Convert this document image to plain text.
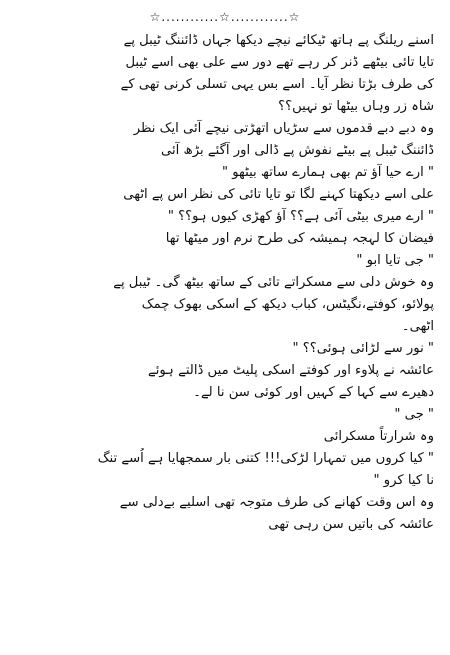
☆............☆............☆
اسنے ریلنگ پے ہاتھ ٹیکائے نیچے دیکھا جہاں ڈائننگ ٹیبل پے
تایا تائی بیٹھے ڈنر کر رہے تھے دور سے علی بھی اسے ٹیبل
کی طرف بڑتا نظر آیا۔ اسے بس یہی تسلی کرنی تھی کے
شاہ زر وہاں بیٹھا تو نہیں؟؟
وہ دبے دبے قدموں سے سڑیاں اتھڑتی نیچے آئی ایک نظر
ڈائننگ ٹیبل پے بیٹے نفوش پے ڈالی اور آگئے بڑھ آئی
" ارے حیا آؤ تم بھی ہمارے ساتھ بیٹھو "
علی اسے دیکھتا کہنے لگا تو تایا تائی کی نظر اس پے اٹھی
" ارے میری بیٹی آئی ہے؟؟ آؤ کھڑی کیوں ہو؟؟ "
فیضان کا لہجہ ہمیشہ کی طرح نرم اور میٹھا تھا
" جی تایا ابو "
وہ خوش دلی سے مسکراتے تائی کے ساتھ بیٹھ گی۔ ٹیبل پے
پولائو، کوفتے،نگیٹس، کباب دیکھ کے اسکی بھوک چمک
اٹھی۔
" نور سے لڑائی ہوئی؟؟ "
عائشہ نے پلاوء اور کوفتے اسکی پلیٹ میں ڈالتے ہوئے
دھیرے سے کہا کے کہیں اور کوئی سن نا لے۔
" جی "
وہ شرارتاً مسکرائی
" کیا کروں میں تمہارا لڑکی!!! کتنی بار سمجھایا ہے اُسے تنگ
نا کیا کرو "
وہ اس وقت کھانے کی طرف متوجہ تھی اسلیے بےدلی سے
عائشہ کی باتیں سن رہی تھی
